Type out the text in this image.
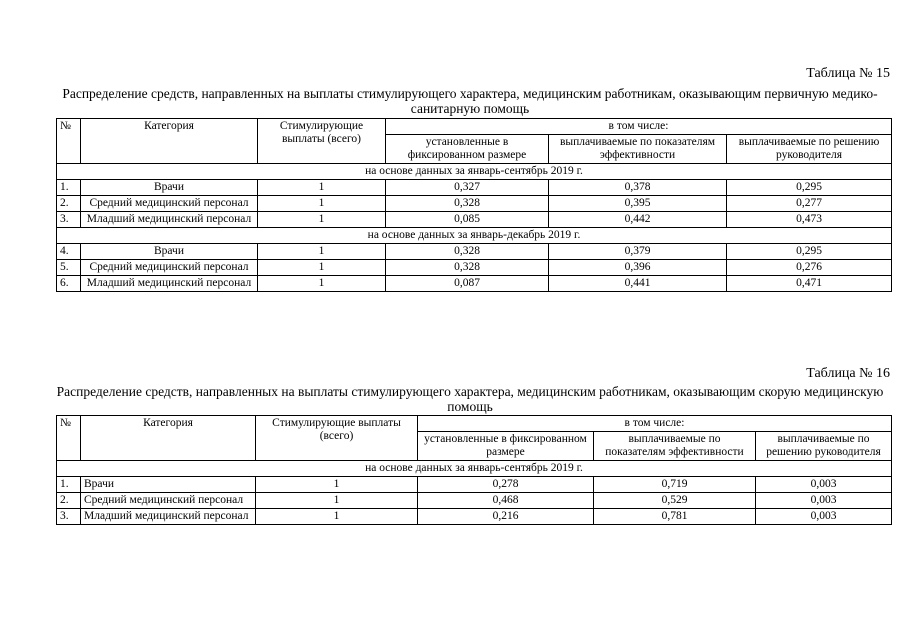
Таблица № 15
Распределение средств, направленных на выплаты стимулирующего характера, медицинским работникам, оказывающим первичную медико-санитарную помощь
№	Категория	Стимулирующие выплаты (всего)	в том числе:		
			установленные в фиксированном размере	выплачиваемые по показателям эффективности	выплачиваемые по решению руководителя
на основе данных за январь-сентябрь 2019 г.					
1.	Врачи	1	0,327	0,378	0,295
2.	Средний медицинский персонал	1	0,328	0,395	0,277
3.	Младший медицинский персонал	1	0,085	0,442	0,473
на основе данных за январь-декабрь 2019 г.					
4.	Врачи	1	0,328	0,379	0,295
5.	Средний медицинский персонал	1	0,328	0,396	0,276
6.	Младший медицинский персонал	1	0,087	0,441	0,471
Таблица № 16
Распределение средств, направленных на выплаты стимулирующего характера, медицинским работникам, оказывающим скорую медицинскую помощь
№	Категория	Стимулирующие выплаты (всего)	в том числе:		
			установленные в фиксированном размере	выплачиваемые по показателям эффективности	выплачиваемые по решению руководителя
на основе данных за январь-сентябрь 2019 г.					
1.	Врачи	1	0,278	0,719	0,003
2.	Средний медицинский персонал	1	0,468	0,529	0,003
3.	Младший медицинский персонал	1	0,216	0,781	0,003
